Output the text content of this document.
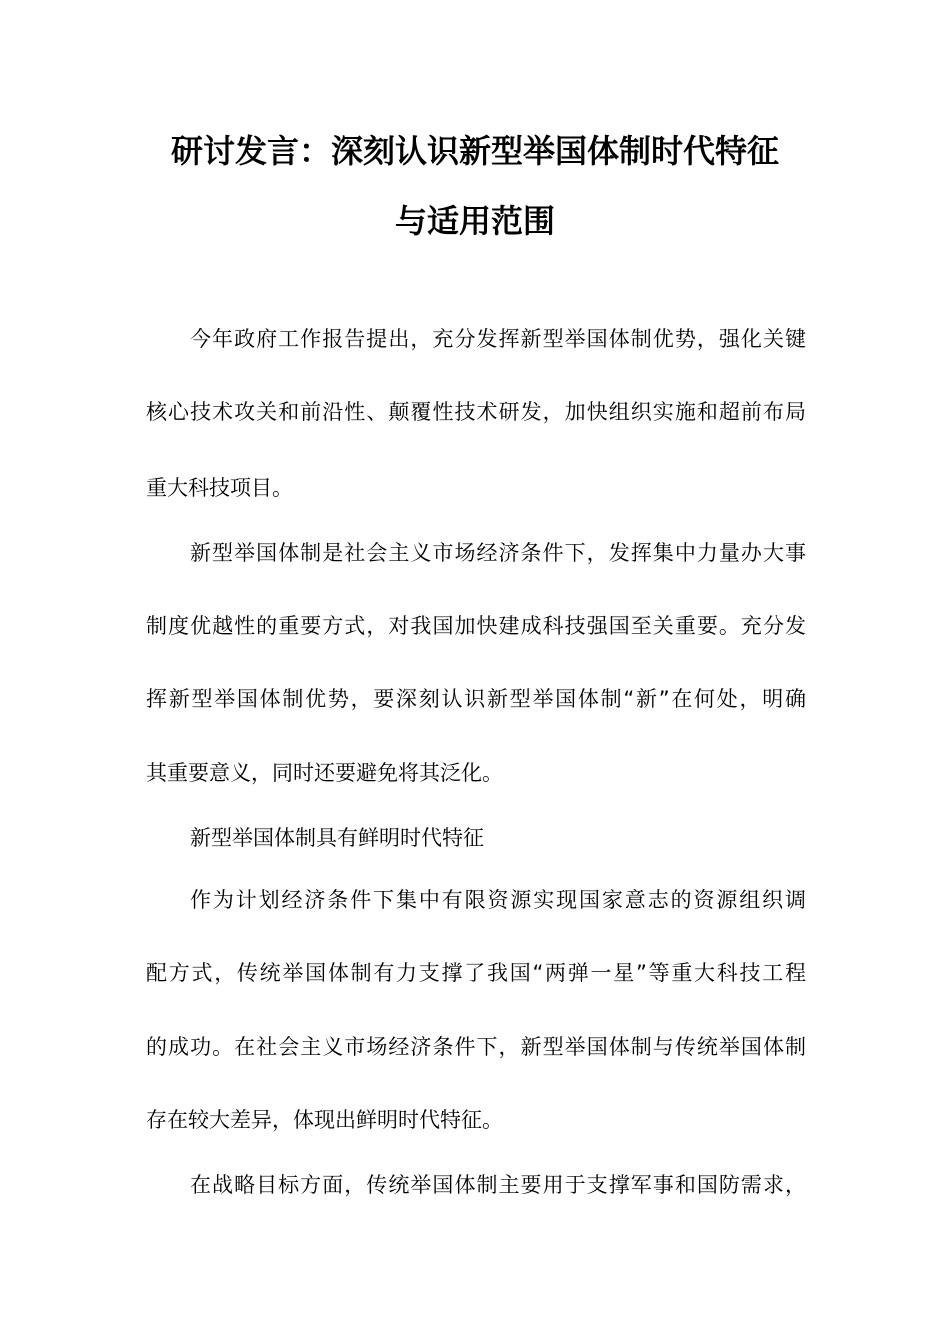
研讨发言：深刻认识新型举国体制时代特征
与适用范围
今年政府工作报告提出，充分发挥新型举国体制优势，强化关键
核心技术攻关和前沿性、颠覆性技术研发，加快组织实施和超前布局
重大科技项目。
新型举国体制是社会主义市场经济条件下，发挥集中力量办大事
制度优越性的重要方式，对我国加快建成科技强国至关重要。充分发
挥新型举国体制优势，要深刻认识新型举国体制“新”在何处，明确
其重要意义，同时还要避免将其泛化。
新型举国体制具有鲜明时代特征
作为计划经济条件下集中有限资源实现国家意志的资源组织调
配方式，传统举国体制有力支撑了我国“两弹一星”等重大科技工程
的成功。在社会主义市场经济条件下，新型举国体制与传统举国体制
存在较大差异，体现出鲜明时代特征。
在战略目标方面，传统举国体制主要用于支撑军事和国防需求，
